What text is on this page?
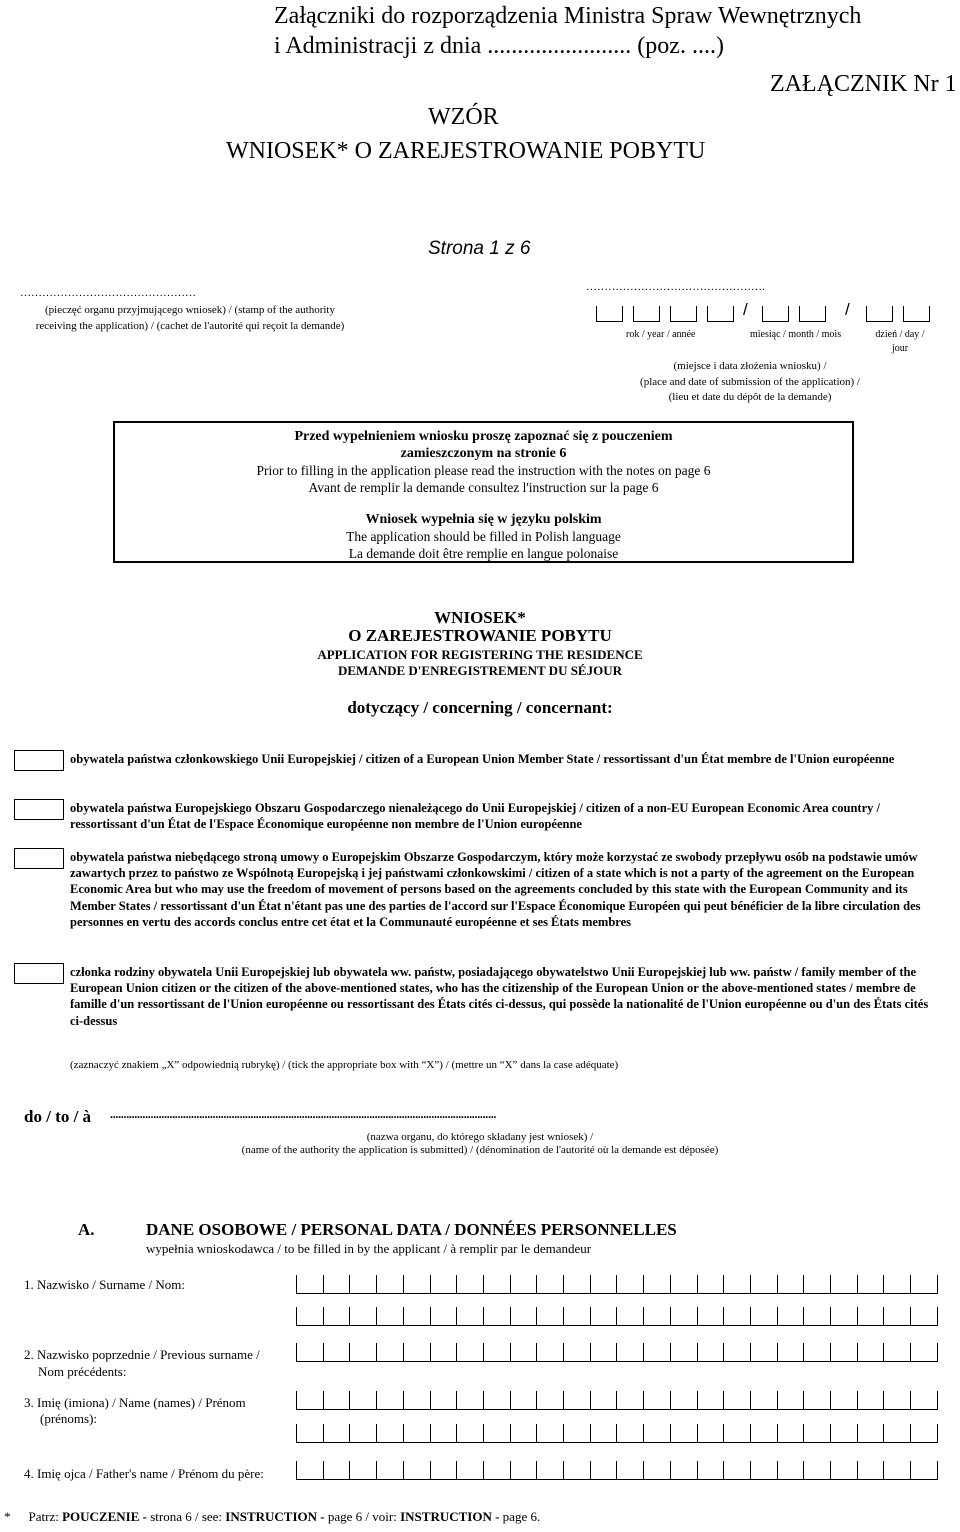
Załączniki do rozporządzenia Ministra Spraw Wewnętrznych
i Administracji z dnia ........................ (poz. ....)
ZAŁĄCZNIK Nr 1
WZÓR
WNIOSEK* O ZAREJESTROWANIE POBYTU
Strona 1 z 6
…………………………………………
(pieczęć organu przyjmującego wniosek) / (stamp of the authority receiving the application) / (cachet de l'autorité qui reçoit la demande)
………………………………………….
/	/
rok / year / année	miesiąc / month / mois	dzień / day / jour
(miejsce i data złożenia wniosku) /
(place and date of submission of the application) /
(lieu et date du dépôt de la demande)
Przed wypełnieniem wniosku proszę zapoznać się z pouczeniem
zamieszczonym na stronie 6
Prior to filling in the application please read the instruction with the notes on page 6
Avant de remplir la demande consultez l'instruction sur la page 6
Wniosek wypełnia się w języku polskim
The application should be filled in Polish language
La demande doit être remplie en langue polonaise
WNIOSEK*
O ZAREJESTROWANIE POBYTU
APPLICATION FOR REGISTERING THE RESIDENCE
DEMANDE D'ENREGISTREMENT DU SÉJOUR
dotyczący / concerning / concernant:
obywatela państwa członkowskiego Unii Europejskiej / citizen of a European Union Member State / ressortissant d'un État membre de l'Union européenne
obywatela państwa Europejskiego Obszaru Gospodarczego nienależącego do Unii Europejskiej / citizen of a non-EU European Economic Area country / ressortissant d'un État de l'Espace Économique européenne non membre de l'Union européenne
obywatela państwa niebędącego stroną umowy o Europejskim Obszarze Gospodarczym, który może korzystać ze swobody przepływu osób na podstawie umów zawartych przez to państwo ze Wspólnotą Europejską i jej państwami członkowskimi / citizen of a state which is not a party of the agreement on the European Economic Area but who may use the freedom of movement of persons based on the agreements concluded by this state with the European Community and its Member States / ressortissant d'un État n'étant pas une des parties de l'accord sur l'Espace Économique Européen qui peut bénéficier de la libre circulation des personnes en vertu des accords conclus entre cet état et la Communauté européenne et ses États membres
członka rodziny obywatela Unii Europejskiej lub obywatela ww. państw, posiadającego obywatelstwo Unii Europejskiej lub ww. państw / family member of the European Union citizen or the citizen of the above-mentioned states, who has the citizenship of the European Union or the above-mentioned states / membre de famille d'un ressortissant de l'Union européenne ou ressortissant des États cités ci-dessus, qui possède la nationalité de l'Union européenne ou d'un des États cités ci-dessus
(zaznaczyć znakiem „X” odpowiednią rubrykę) / (tick the appropriate box with “X”) / (mettre un “X” dans la case adéquate)
do / to / à ...............................................................................................................................................
(nazwa organu, do którego składany jest wniosek) /
(name of the authority the application is submitted) / (dénomination de l'autorité où la demande est déposée)
A.	DANE OSOBOWE / PERSONAL DATA / DONNÉES PERSONNELLES
wypełnia wnioskodawca / to be filled in by the applicant / à remplir par le demandeur
1. Nazwisko / Surname / Nom:
2. Nazwisko poprzednie / Previous surname /
Nom précédents:
3. Imię (imiona) / Name (names) / Prénom
(prénoms):
4. Imię ojca / Father's name / Prénom du père:
* Patrz: POUCZENIE - strona 6 / see: INSTRUCTION - page 6 / voir: INSTRUCTION - page 6.
